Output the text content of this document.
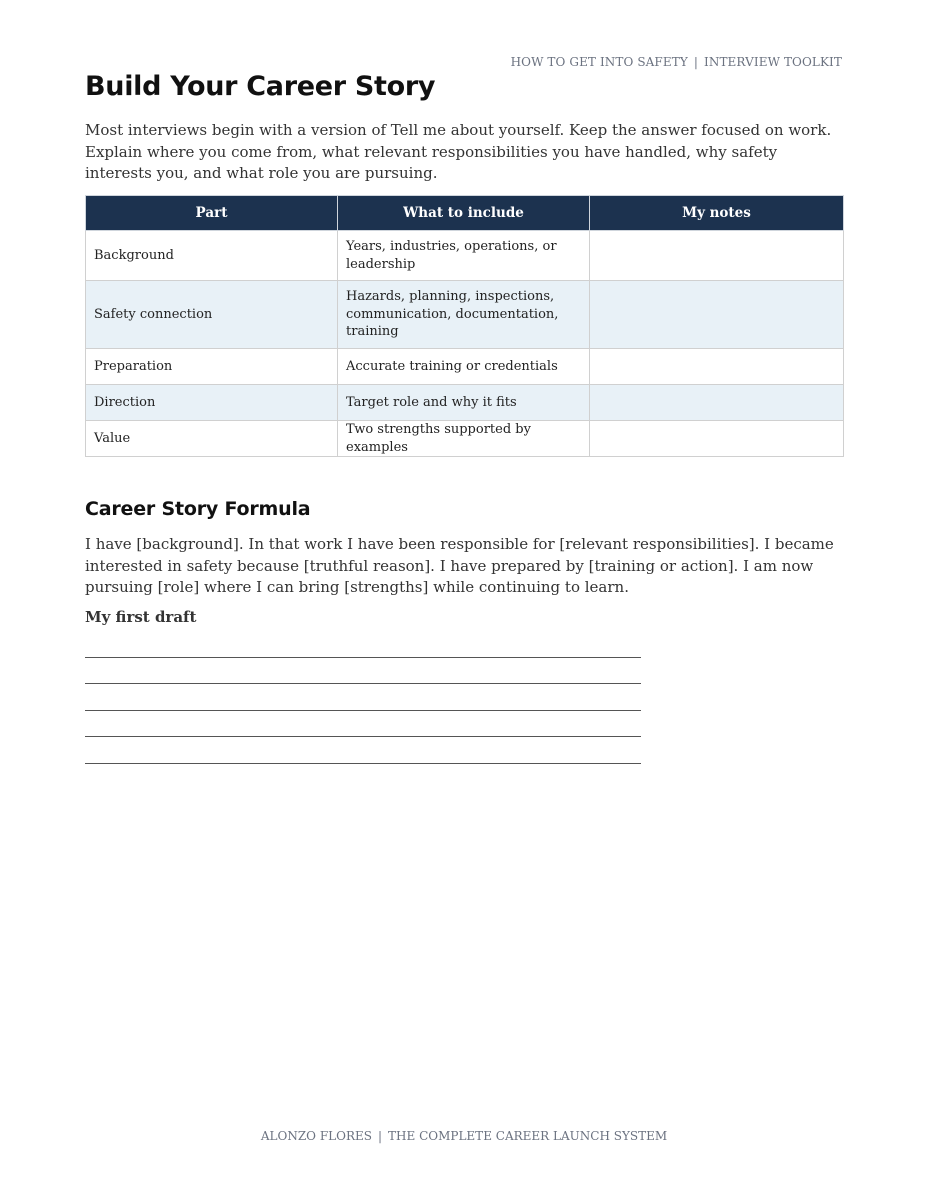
HOW TO GET INTO SAFETY | INTERVIEW TOOLKIT
Build Your Career Story

Most interviews begin with a version of Tell me about yourself. Keep the answer focused on work. Explain where you come from, what relevant responsibilities you have handled, why safety interests you, and what role you are pursuing.

Part	What to include	My notes
Background	Years, industries, operations, or leadership	
Safety connection	Hazards, planning, inspections, communication, documentation, training	
Preparation	Accurate training or credentials	
Direction	Target role and why it fits	
Value	Two strengths supported by examples	
Career Story Formula

I have [background]. In that work I have been responsible for [relevant responsibilities]. I became interested in safety because [truthful reason]. I have prepared by [training or action]. I am now pursuing [role] where I can bring [strengths] while continuing to learn.

My first draft

ALONZO FLORES | THE COMPLETE CAREER LAUNCH SYSTEM
